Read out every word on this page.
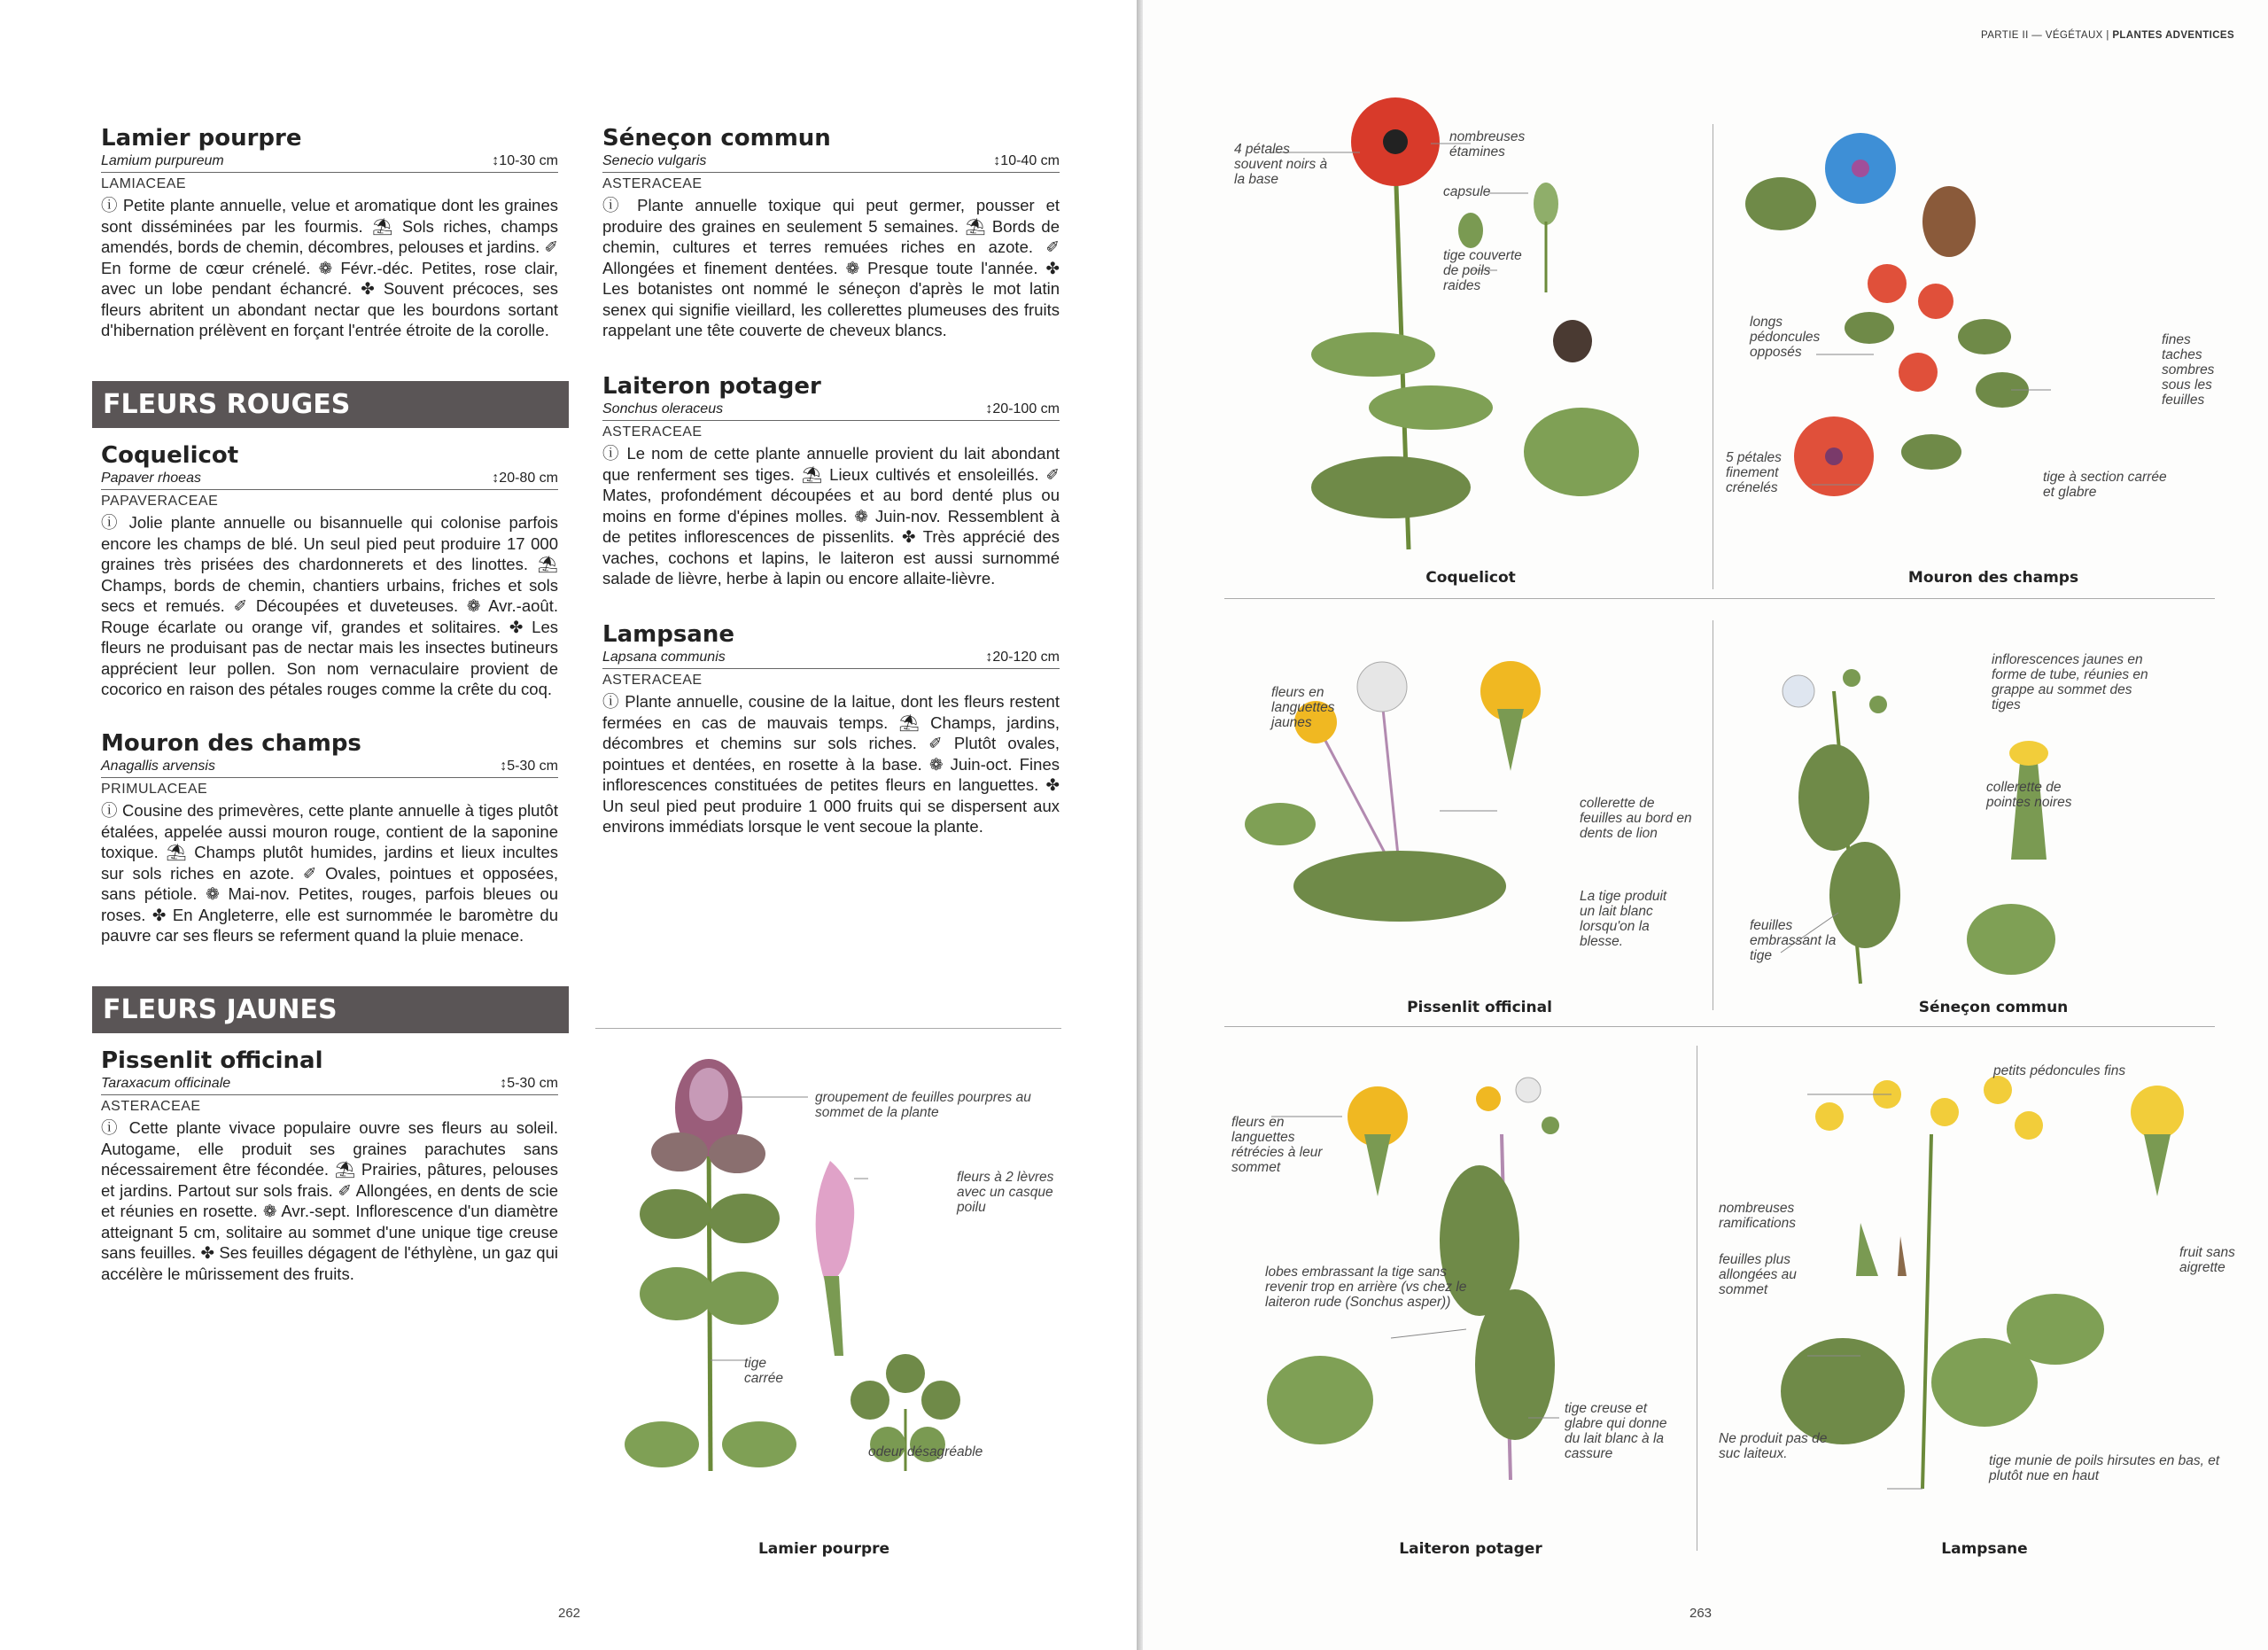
Lamier pourpre
Lamium purpureum	↕10-30 cm
LAMIACEAE

ⓘ Petite plante annuelle, velue et aromatique dont les graines sont disséminées par les fourmis. ⛱ Sols riches, champs amendés, bords de chemin, décombres, pelouses et jardins. ✐ En forme de cœur crénelé. ❁ Févr.-déc. Petites, rose clair, avec un lobe pendant échancré. ✤ Souvent précoces, ses fleurs abritent un abondant nectar que les bourdons sortant d'hibernation prélèvent en forçant l'entrée étroite de la corolle.

FLEURS ROUGES
Coquelicot
Papaver rhoeas	↕20-80 cm
PAPAVERACEAE

ⓘ Jolie plante annuelle ou bisannuelle qui colonise parfois encore les champs de blé. Un seul pied peut produire 17 000 graines très prisées des chardonnerets et des linottes. ⛱ Champs, bords de chemin, chantiers urbains, friches et sols secs et remués. ✐ Découpées et duveteuses. ❁ Avr.-août. Rouge écarlate ou orange vif, grandes et solitaires. ✤ Les fleurs ne produisant pas de nectar mais les insectes butineurs apprécient leur pollen. Son nom vernaculaire provient de cocorico en raison des pétales rouges comme la crête du coq.

Mouron des champs
Anagallis arvensis	↕5-30 cm
PRIMULACEAE

ⓘ Cousine des primevères, cette plante annuelle à tiges plutôt étalées, appelée aussi mouron rouge, contient de la saponine toxique. ⛱ Champs plutôt humides, jardins et lieux incultes sur sols riches en azote. ✐ Ovales, pointues et opposées, sans pétiole. ❁ Mai-nov. Petites, rouges, parfois bleues ou roses. ✤ En Angleterre, elle est surnommée le baromètre du pauvre car ses fleurs se referment quand la pluie menace.

FLEURS JAUNES
Pissenlit officinal
Taraxacum officinale	↕5-30 cm
ASTERACEAE

ⓘ Cette plante vivace populaire ouvre ses fleurs au soleil. Autogame, elle produit ses graines parachutes sans nécessairement être fécondée. ⛱ Prairies, pâtures, pelouses et jardins. Partout sur sols frais. ✐ Allongées, en dents de scie et réunies en rosette. ❁ Avr.-sept. Inflorescence d'un diamètre atteignant 5 cm, solitaire au sommet d'une unique tige creuse sans feuilles. ✤ Ses feuilles dégagent de l'éthylène, un gaz qui accélère le mûrissement des fruits.

Séneçon commun
Senecio vulgaris	↕10-40 cm
ASTERACEAE

ⓘ Plante annuelle toxique qui peut germer, pousser et produire des graines en seulement 5 semaines. ⛱ Bords de chemin, cultures et terres remuées riches en azote. ✐ Allongées et finement dentées. ❁ Presque toute l'année. ✤ Les botanistes ont nommé le séneçon d'après le mot latin senex qui signifie vieillard, les collerettes plumeuses des fruits rappelant une tête couverte de cheveux blancs.

Laiteron potager
Sonchus oleraceus	↕20-100 cm
ASTERACEAE

ⓘ Le nom de cette plante annuelle provient du lait abondant que renferment ses tiges. ⛱ Lieux cultivés et ensoleillés. ✐ Mates, profondément découpées et au bord denté plus ou moins en forme d'épines molles. ❁ Juin-nov. Ressemblent à de petites inflorescences de pissenlits. ✤ Très apprécié des vaches, cochons et lapins, le laiteron est aussi surnommé salade de lièvre, herbe à lapin ou encore allaite-lièvre.

Lampsane
Lapsana communis	↕20-120 cm
ASTERACEAE

ⓘ Plante annuelle, cousine de la laitue, dont les fleurs restent fermées en cas de mauvais temps. ⛱ Champs, jardins, décombres et chemins sur sols riches. ✐ Plutôt ovales, pointues et dentées, en rosette à la base. ❁ Juin-oct. Fines inflorescences constituées de petites fleurs en languettes. ✤ Un seul pied peut produire 1 000 fruits qui se dispersent aux environs immédiats lorsque le vent secoue la plante.

groupement de feuilles pourpres au sommet de la plante
fleurs à 2 lèvres avec un casque poilu
tige carrée
odeur désagréable
Lamier pourpre
262
PARTIE II — VÉGÉTAUX | PLANTES ADVENTICES
4 pétales souvent noirs à la base
nombreuses étamines
capsule
tige couverte de poils raides
Coquelicot
longs pédoncules opposés
fines taches sombres sous les feuilles
5 pétales finement crénelés
tige à section carrée et glabre
Mouron des champs
fleurs en languettes jaunes
collerette de feuilles au bord en dents de lion
La tige produit un lait blanc lorsqu'on la blesse.
Pissenlit officinal
inflorescences jaunes en forme de tube, réunies en grappe au sommet des tiges
collerette de pointes noires
feuilles embrassant la tige
Séneçon commun
fleurs en languettes rétrécies à leur sommet
lobes embrassant la tige sans revenir trop en arrière (vs chez le laiteron rude (Sonchus asper))
tige creuse et glabre qui donne du lait blanc à la cassure
Laiteron potager
petits pédoncules fins
nombreuses ramifications
feuilles plus allongées au sommet
fruit sans aigrette
Ne produit pas de suc laiteux.	tige munie de poils hirsutes en bas, et plutôt nue en haut
Lampsane
263
